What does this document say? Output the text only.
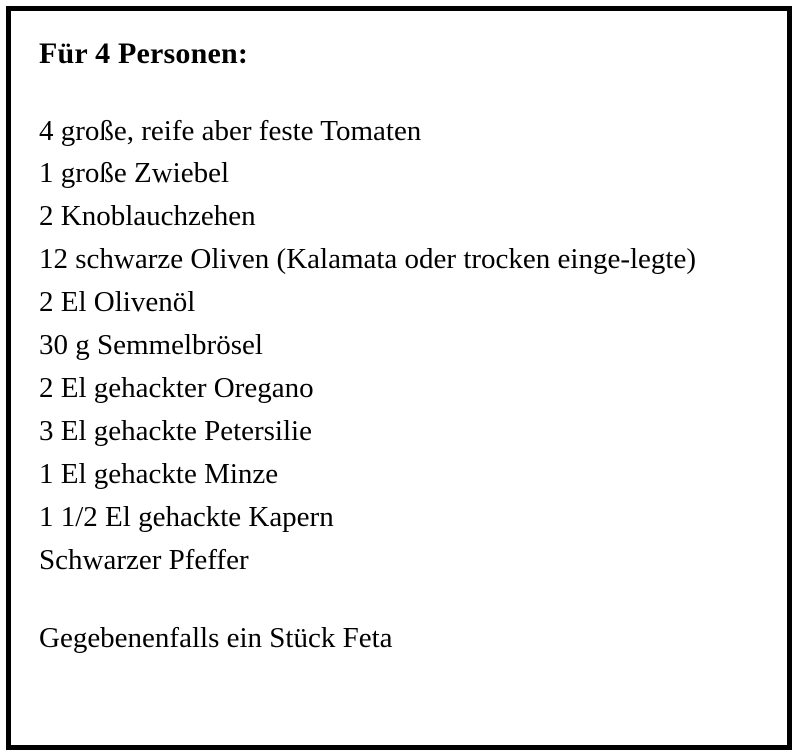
Für 4 Personen:
4 große, reife aber feste Tomaten
1 große Zwiebel
2 Knoblauchzehen
12 schwarze Oliven (Kalamata oder trocken einge-legte)
2 El Olivenöl
30 g Semmelbrösel
2 El gehackter Oregano
3 El gehackte Petersilie
1 El gehackte Minze
1 1/2 El gehackte Kapern
Schwarzer Pfeffer

Gegebenenfalls ein Stück Feta
